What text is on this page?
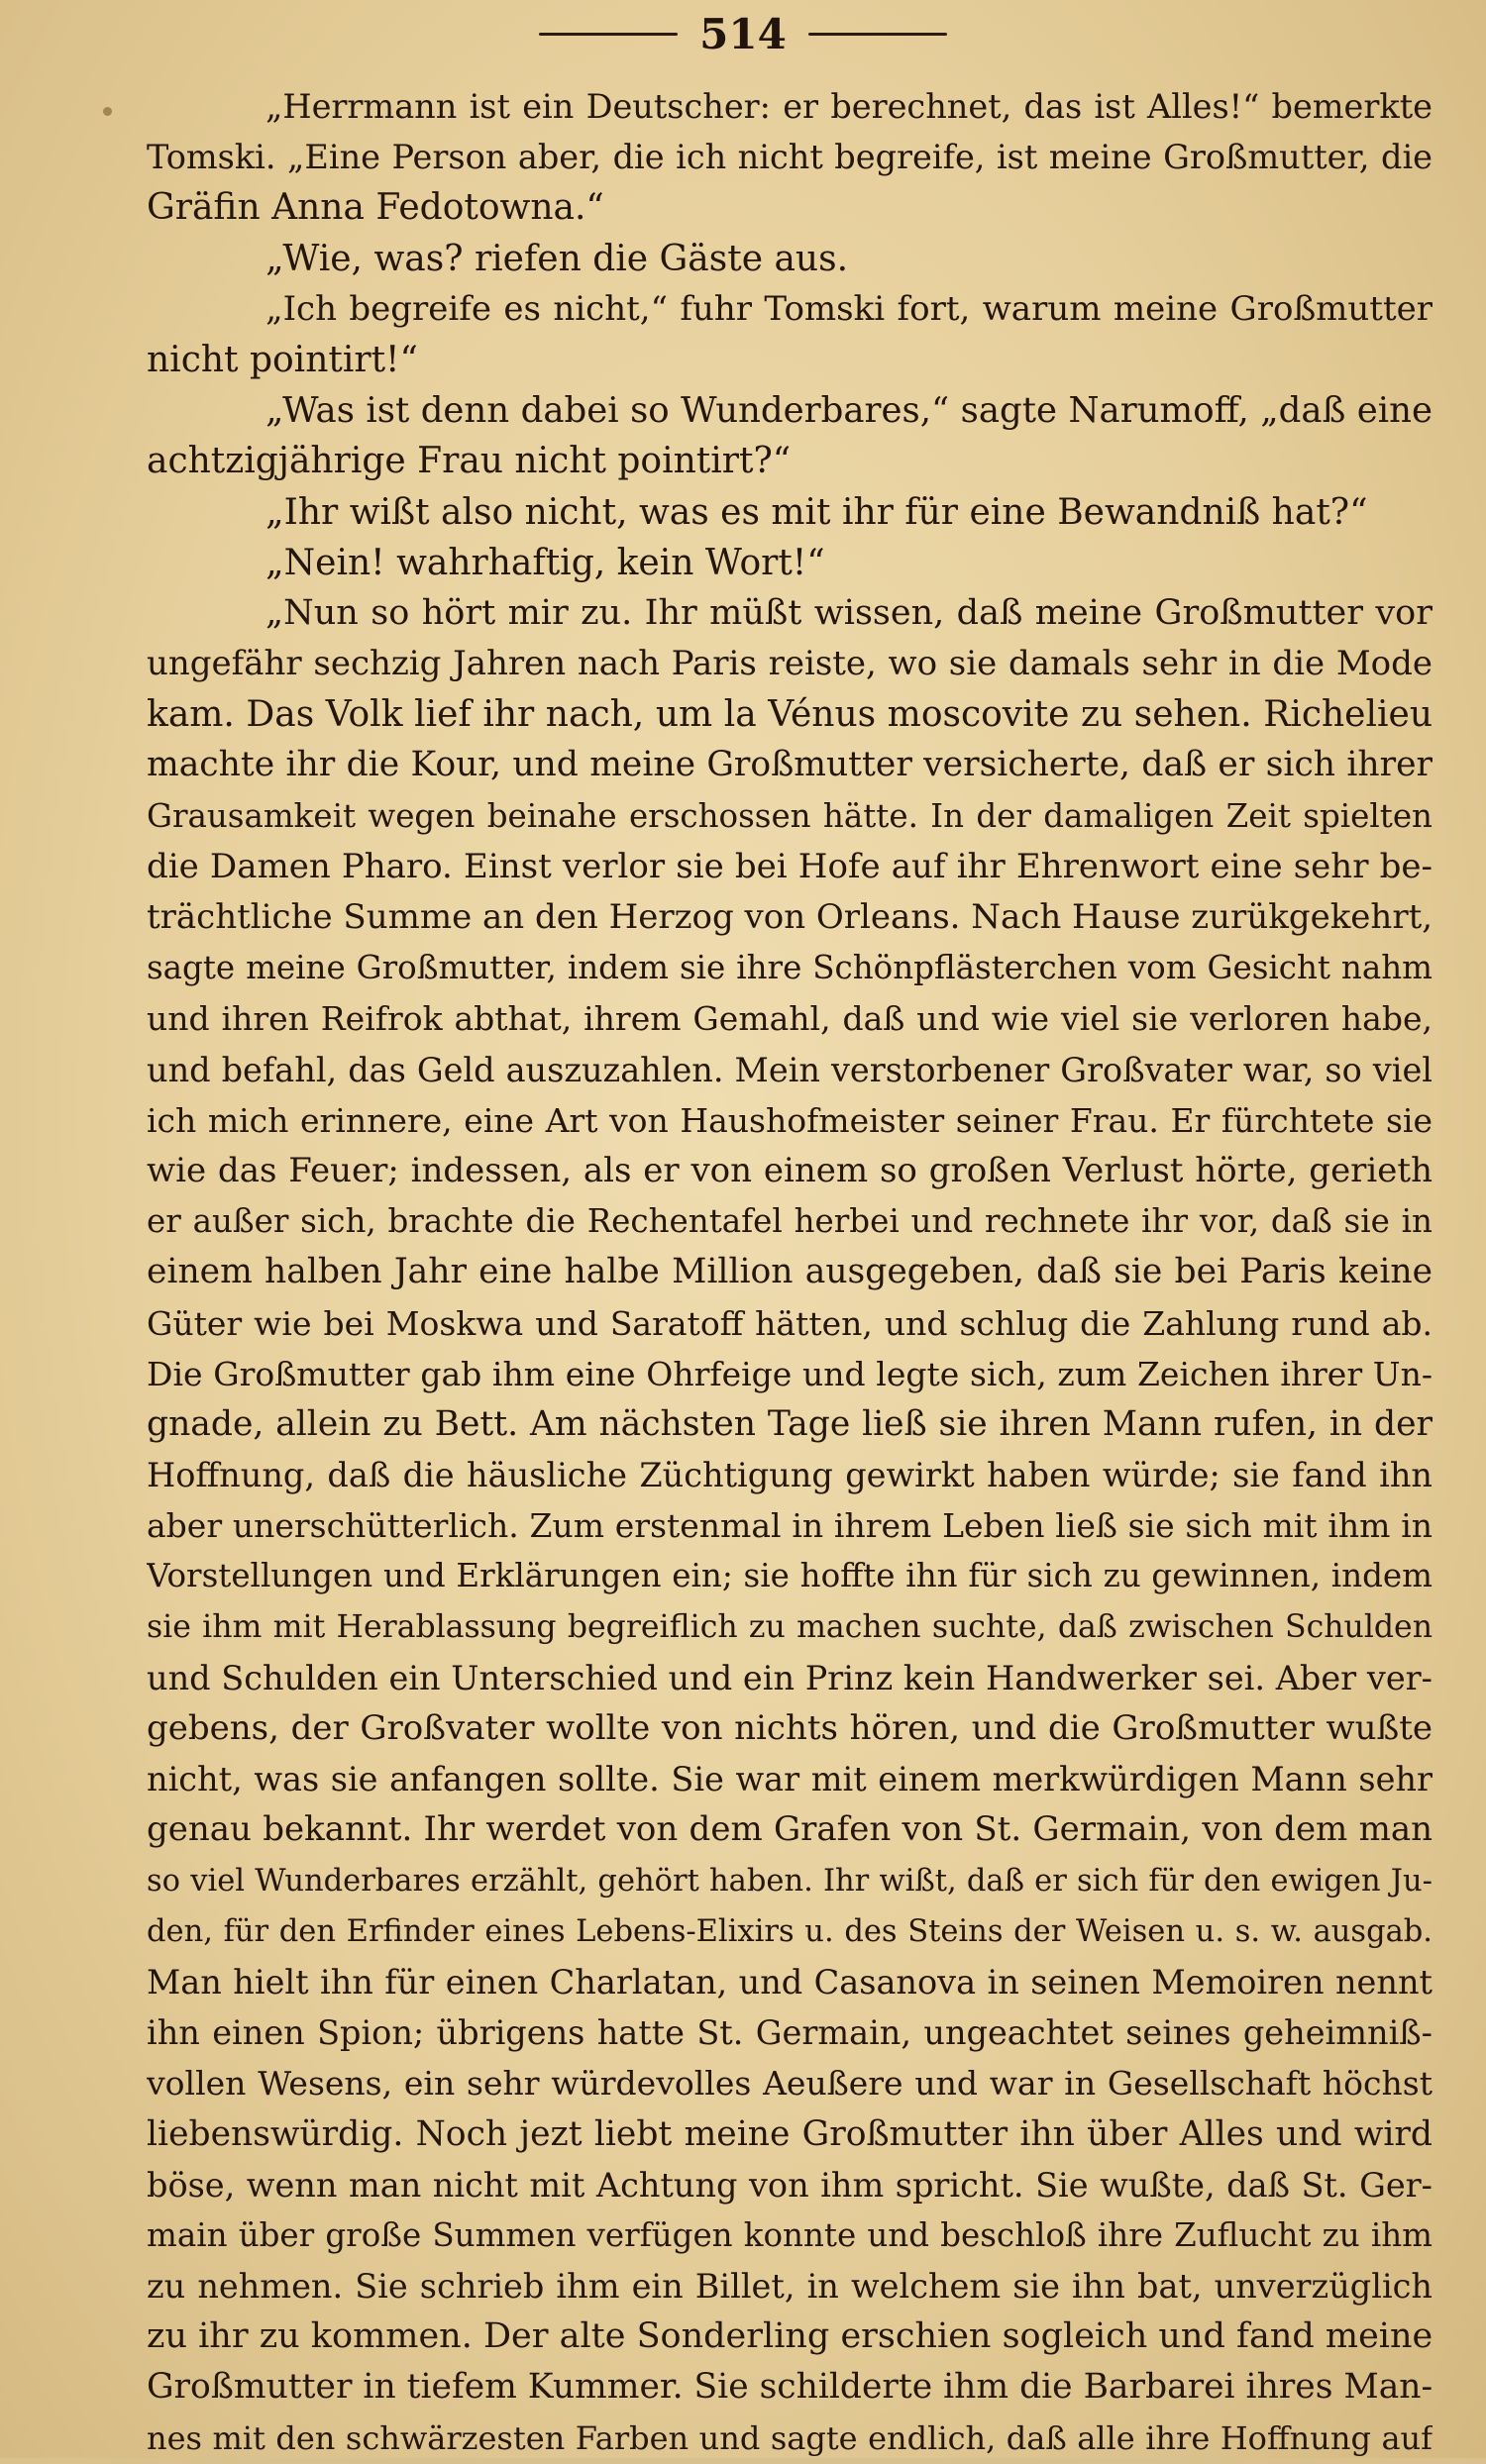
514
„Herrmann ist ein Deutscher: er berechnet, das ist Alles!“ bemerkte
Tomski. „Eine Person aber, die ich nicht begreife, ist meine Großmutter, die
Gräfin Anna Fedotowna.“
„Wie, was? riefen die Gäste aus.
„Ich begreife es nicht,“ fuhr Tomski fort, warum meine Großmutter
nicht pointirt!“
„Was ist denn dabei so Wunderbares,“ sagte Narumoff, „daß eine
achtzigjährige Frau nicht pointirt?“
„Ihr wißt also nicht, was es mit ihr für eine Bewandniß hat?“
„Nein! wahrhaftig, kein Wort!“
„Nun so hört mir zu. Ihr müßt wissen, daß meine Großmutter vor
ungefähr sechzig Jahren nach Paris reiste, wo sie damals sehr in die Mode
kam. Das Volk lief ihr nach, um la Vénus moscovite zu sehen. Richelieu
machte ihr die Kour, und meine Großmutter versicherte, daß er sich ihrer
Grausamkeit wegen beinahe erschossen hätte. In der damaligen Zeit spielten
die Damen Pharo. Einst verlor sie bei Hofe auf ihr Ehrenwort eine sehr be-
trächtliche Summe an den Herzog von Orleans. Nach Hause zurükgekehrt,
sagte meine Großmutter, indem sie ihre Schönpflästerchen vom Gesicht nahm
und ihren Reifrok abthat, ihrem Gemahl, daß und wie viel sie verloren habe,
und befahl, das Geld auszuzahlen. Mein verstorbener Großvater war, so viel
ich mich erinnere, eine Art von Haushofmeister seiner Frau. Er fürchtete sie
wie das Feuer; indessen, als er von einem so großen Verlust hörte, gerieth
er außer sich, brachte die Rechentafel herbei und rechnete ihr vor, daß sie in
einem halben Jahr eine halbe Million ausgegeben, daß sie bei Paris keine
Güter wie bei Moskwa und Saratoff hätten, und schlug die Zahlung rund ab.
Die Großmutter gab ihm eine Ohrfeige und legte sich, zum Zeichen ihrer Un-
gnade, allein zu Bett. Am nächsten Tage ließ sie ihren Mann rufen, in der
Hoffnung, daß die häusliche Züchtigung gewirkt haben würde; sie fand ihn
aber unerschütterlich. Zum erstenmal in ihrem Leben ließ sie sich mit ihm in
Vorstellungen und Erklärungen ein; sie hoffte ihn für sich zu gewinnen, indem
sie ihm mit Herablassung begreiflich zu machen suchte, daß zwischen Schulden
und Schulden ein Unterschied und ein Prinz kein Handwerker sei. Aber ver-
gebens, der Großvater wollte von nichts hören, und die Großmutter wußte
nicht, was sie anfangen sollte. Sie war mit einem merkwürdigen Mann sehr
genau bekannt. Ihr werdet von dem Grafen von St. Germain, von dem man
so viel Wunderbares erzählt, gehört haben. Ihr wißt, daß er sich für den ewigen Ju-
den, für den Erfinder eines Lebens-Elixirs u. des Steins der Weisen u. s. w. ausgab.
Man hielt ihn für einen Charlatan, und Casanova in seinen Memoiren nennt
ihn einen Spion; übrigens hatte St. Germain, ungeachtet seines geheimniß-
vollen Wesens, ein sehr würdevolles Aeußere und war in Gesellschaft höchst
liebenswürdig. Noch jezt liebt meine Großmutter ihn über Alles und wird
böse, wenn man nicht mit Achtung von ihm spricht. Sie wußte, daß St. Ger-
main über große Summen verfügen konnte und beschloß ihre Zuflucht zu ihm
zu nehmen. Sie schrieb ihm ein Billet, in welchem sie ihn bat, unverzüglich
zu ihr zu kommen. Der alte Sonderling erschien sogleich und fand meine
Großmutter in tiefem Kummer. Sie schilderte ihm die Barbarei ihres Man-
nes mit den schwärzesten Farben und sagte endlich, daß alle ihre Hoffnung auf
